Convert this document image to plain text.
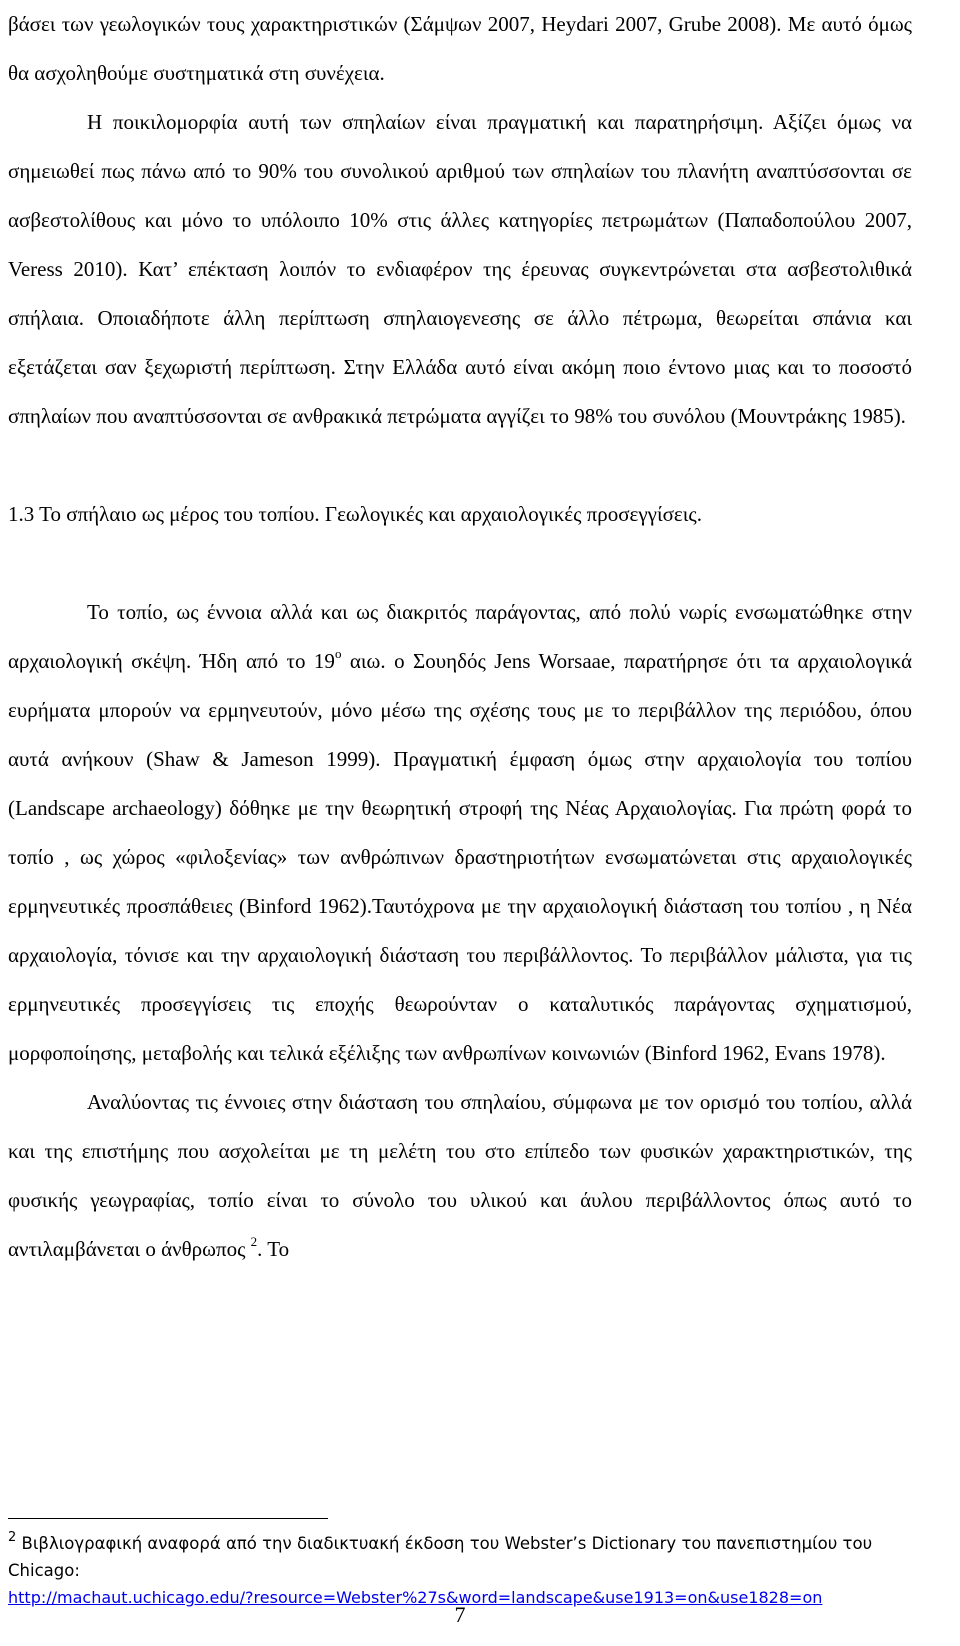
βάσει των γεωλογικών τους χαρακτηριστικών (Σάμψων 2007, Heydari 2007, Grube 2008). Με αυτό όμως θα ασχοληθούμε συστηματικά στη συνέχεια.

Η ποικιλομορφία αυτή των σπηλαίων είναι πραγματική και παρατηρήσιμη. Αξίζει όμως να σημειωθεί πως πάνω από το 90% του συνολικού αριθμού των σπηλαίων του πλανήτη αναπτύσσονται σε ασβεστολίθους και μόνο το υπόλοιπο 10% στις άλλες κατηγορίες πετρωμάτων (Παπαδοπούλου 2007, Veress 2010). Κατ’ επέκταση λοιπόν το ενδιαφέρον της έρευνας συγκεντρώνεται στα ασβεστολιθικά σπήλαια. Οποιαδήποτε άλλη περίπτωση σπηλαιογενεσης σε άλλο πέτρωμα, θεωρείται σπάνια και εξετάζεται σαν ξεχωριστή περίπτωση. Στην Ελλάδα αυτό είναι ακόμη ποιο έντονο μιας και το ποσοστό σπηλαίων που αναπτύσσονται σε ανθρακικά πετρώματα αγγίζει το 98% του συνόλου (Μουντράκης 1985).

1.3 Το σπήλαιο ως μέρος του τοπίου. Γεωλογικές και αρχαιολογικές προσεγγίσεις.

Το τοπίο, ως έννοια αλλά και ως διακριτός παράγοντας, από πολύ νωρίς ενσωματώθηκε στην αρχαιολογική σκέψη. Ήδη από το $19^o$ αιω. ο Σουηδός Jens Worsaae, παρατήρησε ότι τα αρχαιολογικά ευρήματα μπορούν να ερμηνευτούν, μόνο μέσω της σχέσης τους με το περιβάλλον της περιόδου, όπου αυτά ανήκουν (Shaw & Jameson 1999). Πραγματική έμφαση όμως στην αρχαιολογία του τοπίου (Landscape archaeology) δόθηκε με την θεωρητική στροφή της Νέας Αρχαιολογίας. Για πρώτη φορά το τοπίο , ως χώρος «φιλοξενίας» των ανθρώπινων δραστηριοτήτων ενσωματώνεται στις αρχαιολογικές ερμηνευτικές προσπάθειες (Binford 1962).Ταυτόχρονα με την αρχαιολογική διάσταση του τοπίου , η Νέα αρχαιολογία, τόνισε και την αρχαιολογική διάσταση του περιβάλλοντος. Το περιβάλλον μάλιστα, για τις ερμηνευτικές προσεγγίσεις τις εποχής θεωρούνταν ο καταλυτικός παράγοντας σχηματισμού, μορφοποίησης, μεταβολής και τελικά εξέλιξης των ανθρωπίνων κοινωνιών (Binford 1962, Evans 1978).

Αναλύοντας τις έννοιες στην διάσταση του σπηλαίου, σύμφωνα με τον ορισμό του τοπίου, αλλά και της επιστήμης που ασχολείται με τη μελέτη του στο επίπεδο των φυσικών χαρακτηριστικών, της φυσικής γεωγραφίας, τοπίο είναι το σύνολο του υλικού και άυλου περιβάλλοντος όπως αυτό το αντιλαμβάνεται ο άνθρωπος $^2$. Το

$^2$ Βιβλιογραφική αναφορά από την διαδικτυακή έκδοση του Webster’s Dictionary του πανεπιστημίου του Chicago:
http://machaut.uchicago.edu/?resource=Webster%27s&word=landscape&use1913=on&use1828=on
7
